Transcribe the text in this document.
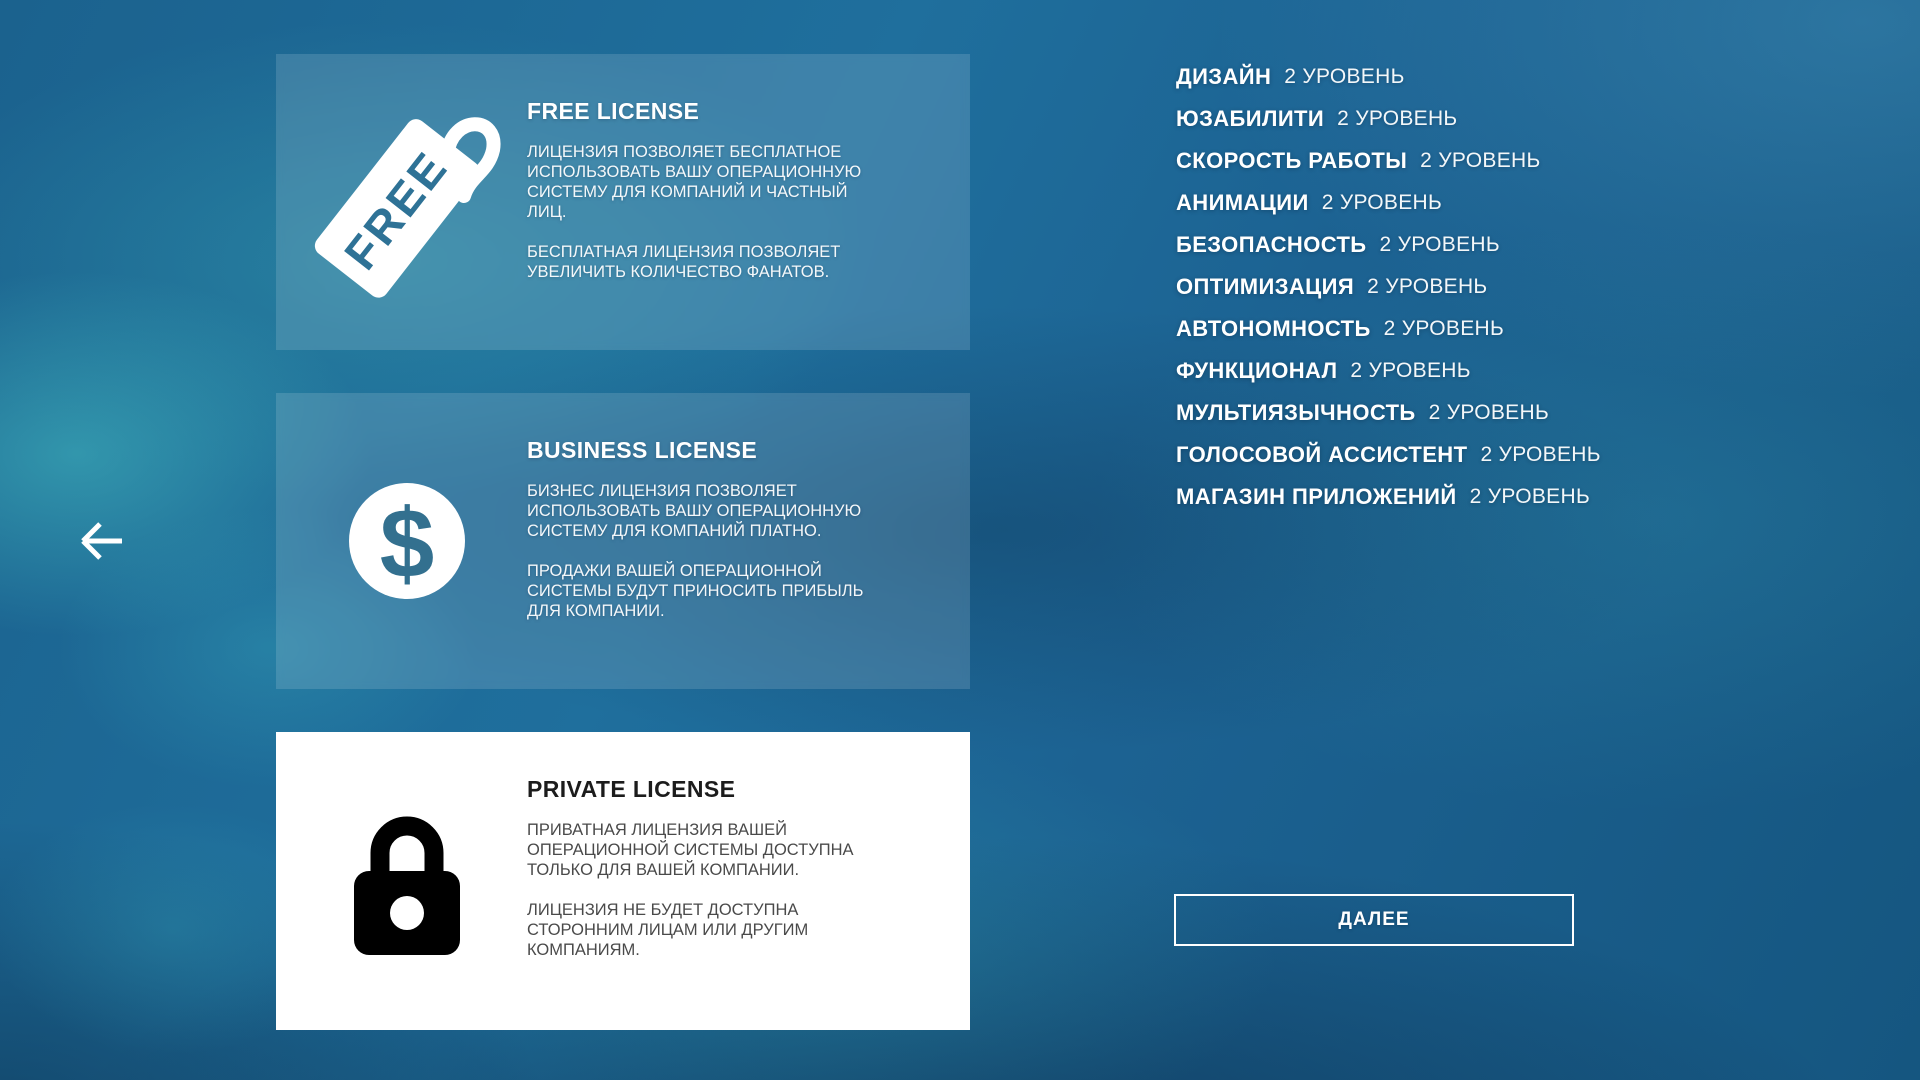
FREE
FREE LICENSE

ЛИЦЕНЗИЯ ПОЗВОЛЯЕТ БЕСПЛАТНОЕ ИСПОЛЬЗОВАТЬ ВАШУ ОПЕРАЦИОННУЮ СИСТЕМУ ДЛЯ КОМПАНИЙ И ЧАСТНЫЙ ЛИЦ.

БЕСПЛАТНАЯ ЛИЦЕНЗИЯ ПОЗВОЛЯЕТ УВЕЛИЧИТЬ КОЛИЧЕСТВО ФАНАТОВ.

$
BUSINESS LICENSE

БИЗНЕС ЛИЦЕНЗИЯ ПОЗВОЛЯЕТ ИСПОЛЬЗОВАТЬ ВАШУ ОПЕРАЦИОННУЮ СИСТЕМУ ДЛЯ КОМПАНИЙ ПЛАТНО.

ПРОДАЖИ ВАШЕЙ ОПЕРАЦИОННОЙ СИСТЕМЫ БУДУТ ПРИНОСИТЬ ПРИБЫЛЬ ДЛЯ КОМПАНИИ.

PRIVATE LICENSE

ПРИВАТНАЯ ЛИЦЕНЗИЯ ВАШЕЙ ОПЕРАЦИОННОЙ СИСТЕМЫ ДОСТУПНА ТОЛЬКО ДЛЯ ВАШЕЙ КОМПАНИИ.

ЛИЦЕНЗИЯ НЕ БУДЕТ ДОСТУПНА СТОРОННИМ ЛИЦАМ ИЛИ ДРУГИМ КОМПАНИЯМ.

ДИЗАЙН 2 УРОВЕНЬ
ЮЗАБИЛИТИ 2 УРОВЕНЬ
СКОРОСТЬ РАБОТЫ 2 УРОВЕНЬ
АНИМАЦИИ 2 УРОВЕНЬ
БЕЗОПАСНОСТЬ 2 УРОВЕНЬ
ОПТИМИЗАЦИЯ 2 УРОВЕНЬ
АВТОНОМНОСТЬ 2 УРОВЕНЬ
ФУНКЦИОНАЛ 2 УРОВЕНЬ
МУЛЬТИЯЗЫЧНОСТЬ 2 УРОВЕНЬ
ГОЛОСОВОЙ АССИСТЕНТ 2 УРОВЕНЬ
МАГАЗИН ПРИЛОЖЕНИЙ 2 УРОВЕНЬ
ДАЛЕЕ
